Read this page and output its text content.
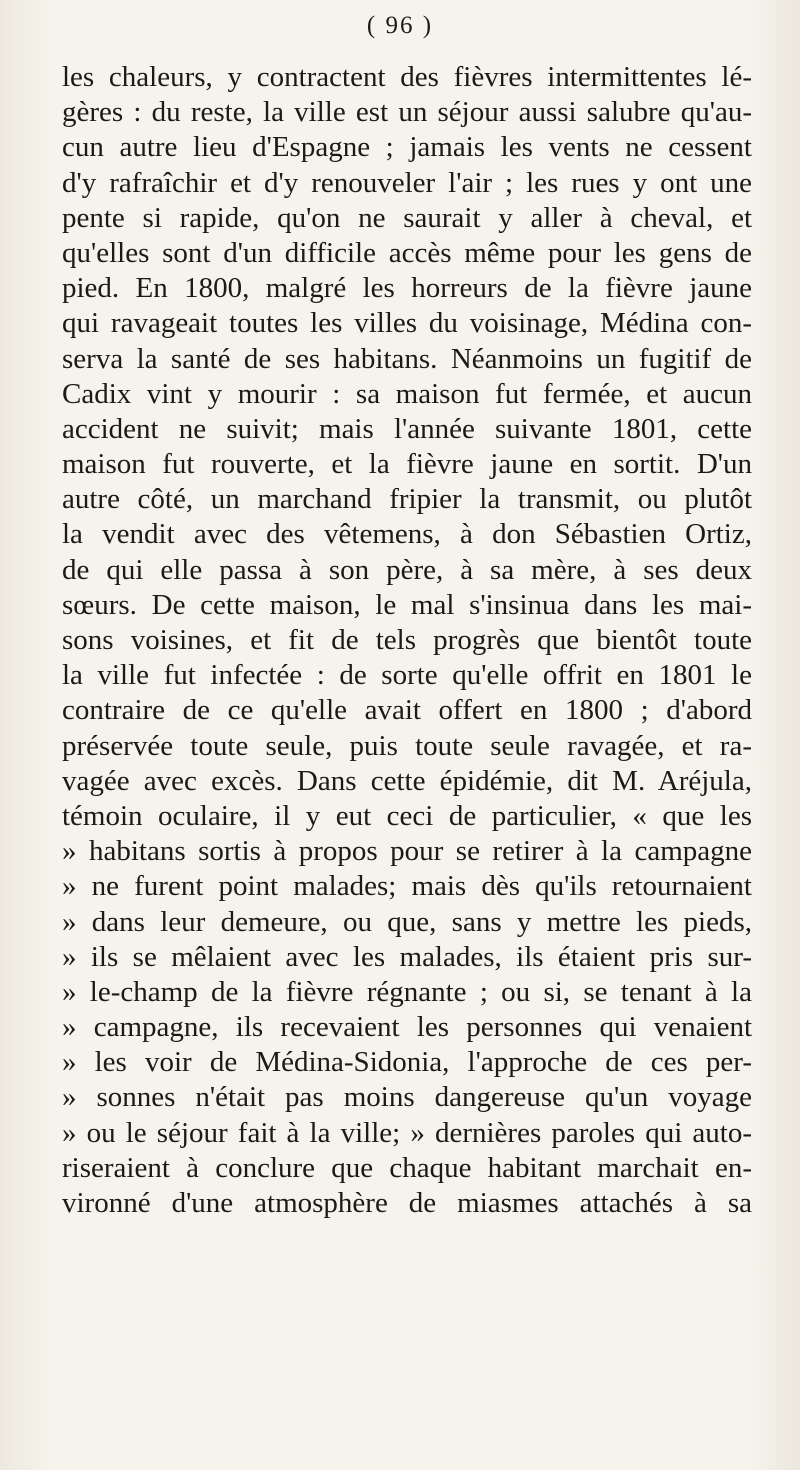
( 96 )
les chaleurs, y contractent des fièvres intermittentes lé-
gères : du reste, la ville est un séjour aussi salubre qu'au-
cun autre lieu d'Espagne ; jamais les vents ne cessent
d'y rafraîchir et d'y renouveler l'air ; les rues y ont une
pente si rapide, qu'on ne saurait y aller à cheval, et
qu'elles sont d'un difficile accès même pour les gens de
pied. En 1800, malgré les horreurs de la fièvre jaune
qui ravageait toutes les villes du voisinage, Médina con-
serva la santé de ses habitans. Néanmoins un fugitif de
Cadix vint y mourir : sa maison fut fermée, et aucun
accident ne suivit; mais l'année suivante 1801, cette
maison fut rouverte, et la fièvre jaune en sortit. D'un
autre côté, un marchand fripier la transmit, ou plutôt
la vendit avec des vêtemens, à don Sébastien Ortiz,
de qui elle passa à son père, à sa mère, à ses deux
sœurs. De cette maison, le mal s'insinua dans les mai-
sons voisines, et fit de tels progrès que bientôt toute
la ville fut infectée : de sorte qu'elle offrit en 1801 le
contraire de ce qu'elle avait offert en 1800 ; d'abord
préservée toute seule, puis toute seule ravagée, et ra-
vagée avec excès. Dans cette épidémie, dit M. Aréjula,
témoin oculaire, il y eut ceci de particulier, « que les
» habitans sortis à propos pour se retirer à la campagne
» ne furent point malades; mais dès qu'ils retournaient
» dans leur demeure, ou que, sans y mettre les pieds,
» ils se mêlaient avec les malades, ils étaient pris sur-
» le-champ de la fièvre régnante ; ou si, se tenant à la
» campagne, ils recevaient les personnes qui venaient
» les voir de Médina-Sidonia, l'approche de ces per-
» sonnes n'était pas moins dangereuse qu'un voyage
» ou le séjour fait à la ville; » dernières paroles qui auto-
riseraient à conclure que chaque habitant marchait en-
vironné d'une atmosphère de miasmes attachés à sa
